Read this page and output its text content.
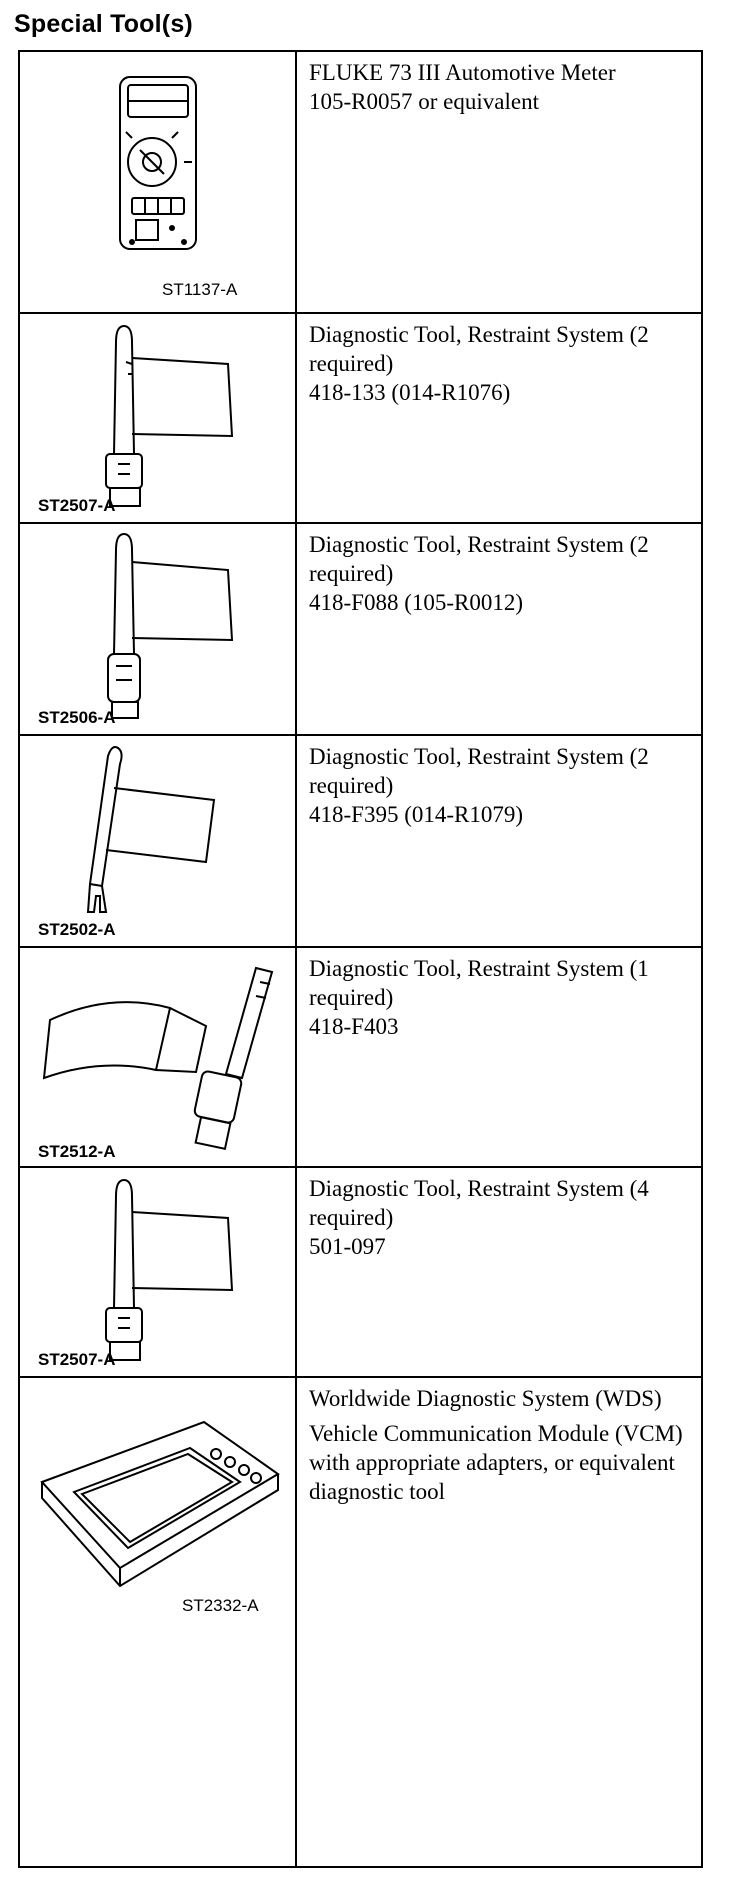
Special Tool(s)
ST1137-A	FLUKE 73 III Automotive Meter

105-R0057 or equivalent

ST2507-A	Diagnostic Tool, Restraint System (2 required)

418-133 (014-R1076)

ST2506-A	Diagnostic Tool, Restraint System (2 required)

418-F088 (105-R0012)

ST2502-A	Diagnostic Tool, Restraint System (2 required)

418-F395 (014-R1079)

ST2512-A	Diagnostic Tool, Restraint System (1 required)

418-F403

ST2507-A	Diagnostic Tool, Restraint System (4 required)

501-097

ST2332-A	Worldwide Diagnostic System (WDS)

Vehicle Communication Module (VCM) with appropriate adapters, or equivalent diagnostic tool
